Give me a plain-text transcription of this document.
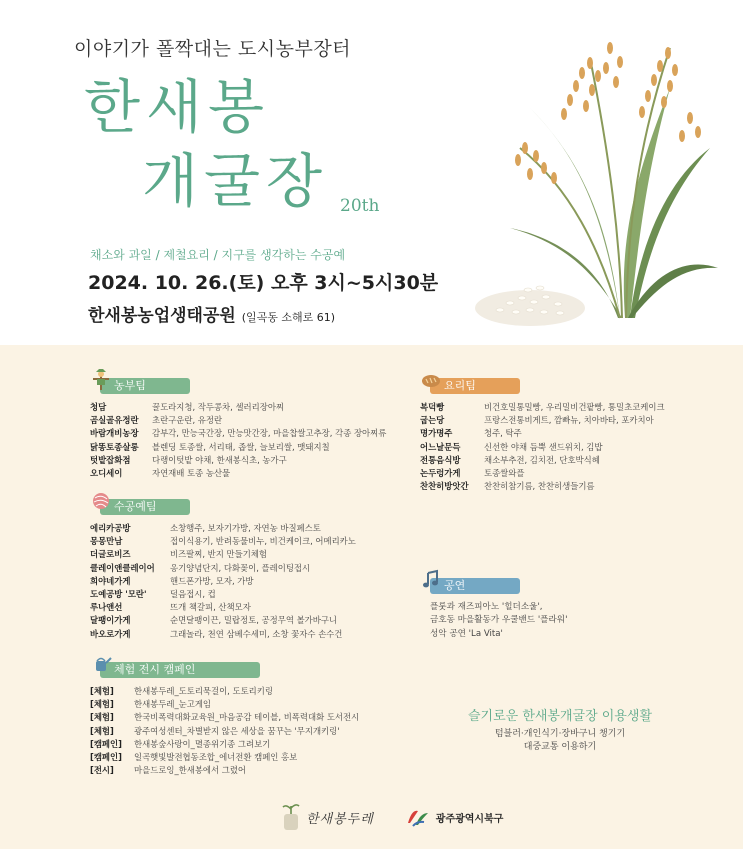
이야기가 폴짝대는 도시농부장터
한새봉
개굴장 20th
채소와 과일 / 제철요리 / 지구를 생각하는 수공예
2024. 10. 26.(토) 오후 3시~5시30분
한새봉농업생태공원 (일곡동 소해로 61)
농부팀
청담	꿀도라지청, 작두콩차, 셀러리장아찌
곰실골유정란	초란구운란, 유정란
바람개비농장	감부각, 만능국간장, 만능맛간장, 마을찹쌀고추장, 각종 장아찌류
닭똥토종살롱	블렌딩 토종쌀, 서리태, 좁쌀, 늘보리쌀, 맷돼지칠
텃밭잡화점	다랭이텃밭 야채, 한새봉식초, 농가구
오디세이	자연재배 토종 농산물
수공예팀
에리카공방	소창행주, 보자기가방, 자연농 바질페스토
몽몽만남	접이식용기, 반려동물비누, 비건케이크, 어메리카노
더글로비즈	비즈팔찌, 반지 만들기체험
클레이앤클레이어	옹기양념단지, 다화꽂이, 플레이팅접시
희야네가게	핸드폰가방, 모자, 가방
도예공방 '모란'	덜음접시, 컵
루나앤선	뜨개 책갈피, 산책모자
달팽이가게	순면달팽이끈, 밀랍정토, 공정무역 볼가바구니
바오로가게	그래놀라, 천연 삼베수세미, 소창 꽃자수 손수건
체험 전시 캠페인
[체험]	한새봉두레_도토리묵걸이, 도토리키링
[체험]	한새봉두레_눈고게임
[체험]	한국비폭력대화교육원_마음공감 테이블, 비폭력대화 도서전시
[체험]	광주여성센터_차별받지 않은 세상을 꿈꾸는 '무지개키링'
[캠페인]	한새봉숲사랑이_멸종위기종 그려보기
[캠페인]	일곡햇빛발전협동조합_에너전환 캠페인 홍보
[전시]	마을드로잉_한새봉에서 그렸어
요리팀
복덕빵	비건호밀통밀빵, 우리밀비건팥빵, 통밀초코케이크
굽는당	프랑스전통비게트, 깜빠뉴, 치아바타, 포카치아
명가명주	청주, 탁주
어느날문득	신선한 야채 듬뿍 샌드위치, 김밥
전통음식방	채소부추전, 김치전, 단호박식혜
논두렁가게	토종쌀와플
찬찬히방앗간	찬찬히참기름, 찬찬히생들기름
공연
플룻과 재즈피아노 '힐더소울',
금호동 마을활동가 우쿨밴드 '플라워'
성악 공연 'La Vita'
슬기로운 한새봉개굴장 이용생활
텀블러·개인식기·장바구니 챙기기
대중교통 이용하기
한새봉두레	광주광역시북구
